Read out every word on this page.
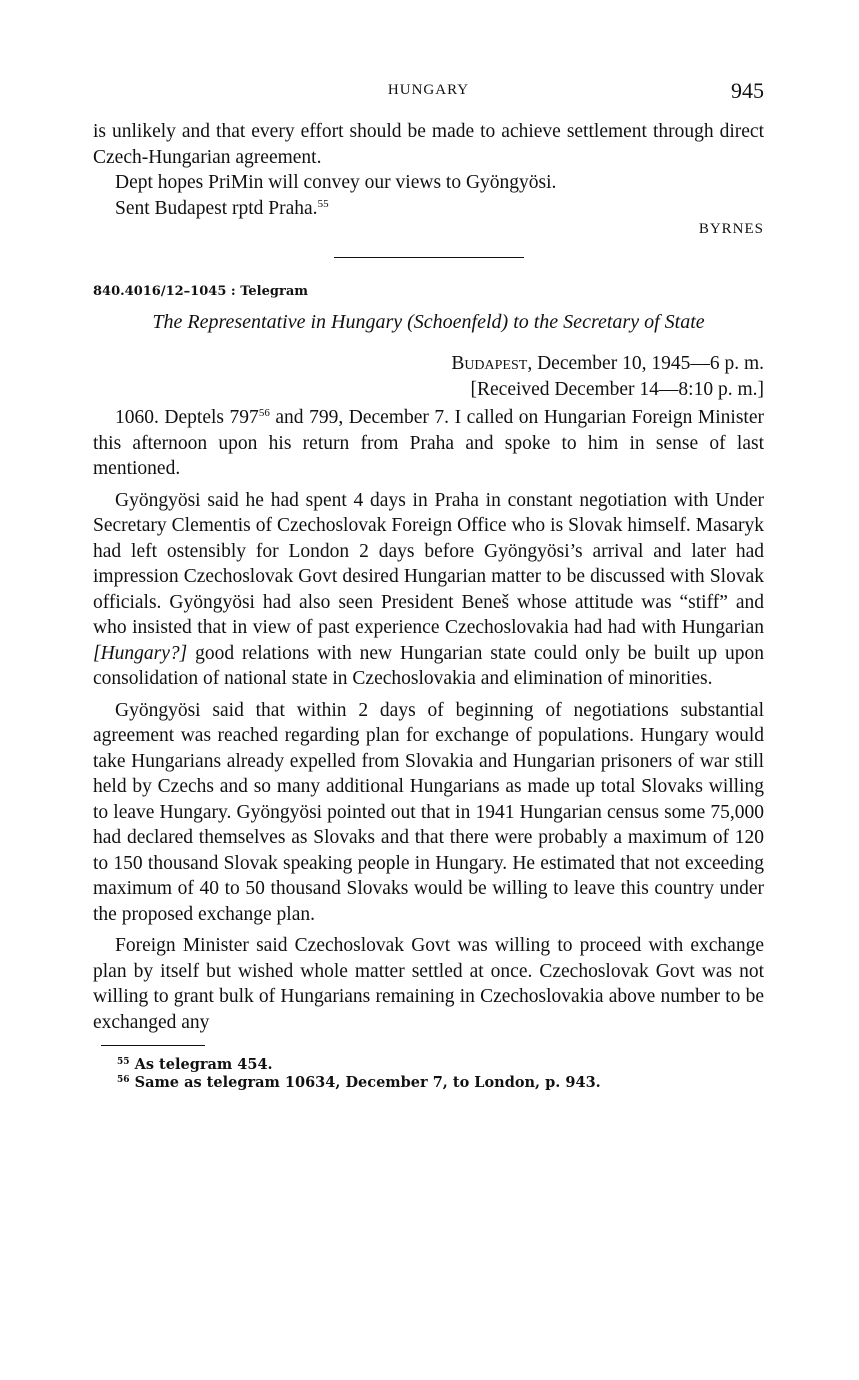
HUNGARY	945

is unlikely and that every effort should be made to achieve settlement through direct Czech-Hungarian agreement.

Dept hopes PriMin will convey our views to Gyöngyösi.

Sent Budapest rptd Praha.$^{55}$

BYRNES
840.4016/12–1045 : Telegram
The Representative in Hungary (Schoenfeld) to the Secretary of State
Budapest, December 10, 1945—6 p. m.
[Received December 14—8:10 p. m.]

1060. Deptels $797^{56}$ and 799, December 7. I called on Hungarian Foreign Minister this afternoon upon his return from Praha and spoke to him in sense of last mentioned.

Gyöngyösi said he had spent 4 days in Praha in constant negotiation with Under Secretary Clementis of Czechoslovak Foreign Office who is Slovak himself. Masaryk had left ostensibly for London 2 days before Gyöngyösi’s arrival and later had impression Czechoslovak Govt desired Hungarian matter to be discussed with Slovak officials. Gyöngyösi had also seen President Beneš whose attitude was “stiff” and who insisted that in view of past experience Czechoslovakia had had with Hungarian [Hungary?] good relations with new Hungarian state could only be built up upon consolidation of national state in Czechoslovakia and elimination of minorities.

Gyöngyösi said that within 2 days of beginning of negotiations substantial agreement was reached regarding plan for exchange of populations. Hungary would take Hungarians already expelled from Slovakia and Hungarian prisoners of war still held by Czechs and so many additional Hungarians as made up total Slovaks willing to leave Hungary. Gyöngyösi pointed out that in 1941 Hungarian census some 75,000 had declared themselves as Slovaks and that there were probably a maximum of 120 to 150 thousand Slovak speaking people in Hungary. He estimated that not exceeding maximum of 40 to 50 thousand Slovaks would be willing to leave this country under the proposed exchange plan.

Foreign Minister said Czechoslovak Govt was willing to proceed with exchange plan by itself but wished whole matter settled at once. Czechoslovak Govt was not willing to grant bulk of Hungarians remaining in Czechoslovakia above number to be exchanged any

$^{55}$ As telegram 454.
$^{56}$ Same as telegram 10634, December 7, to London, p. 943.
